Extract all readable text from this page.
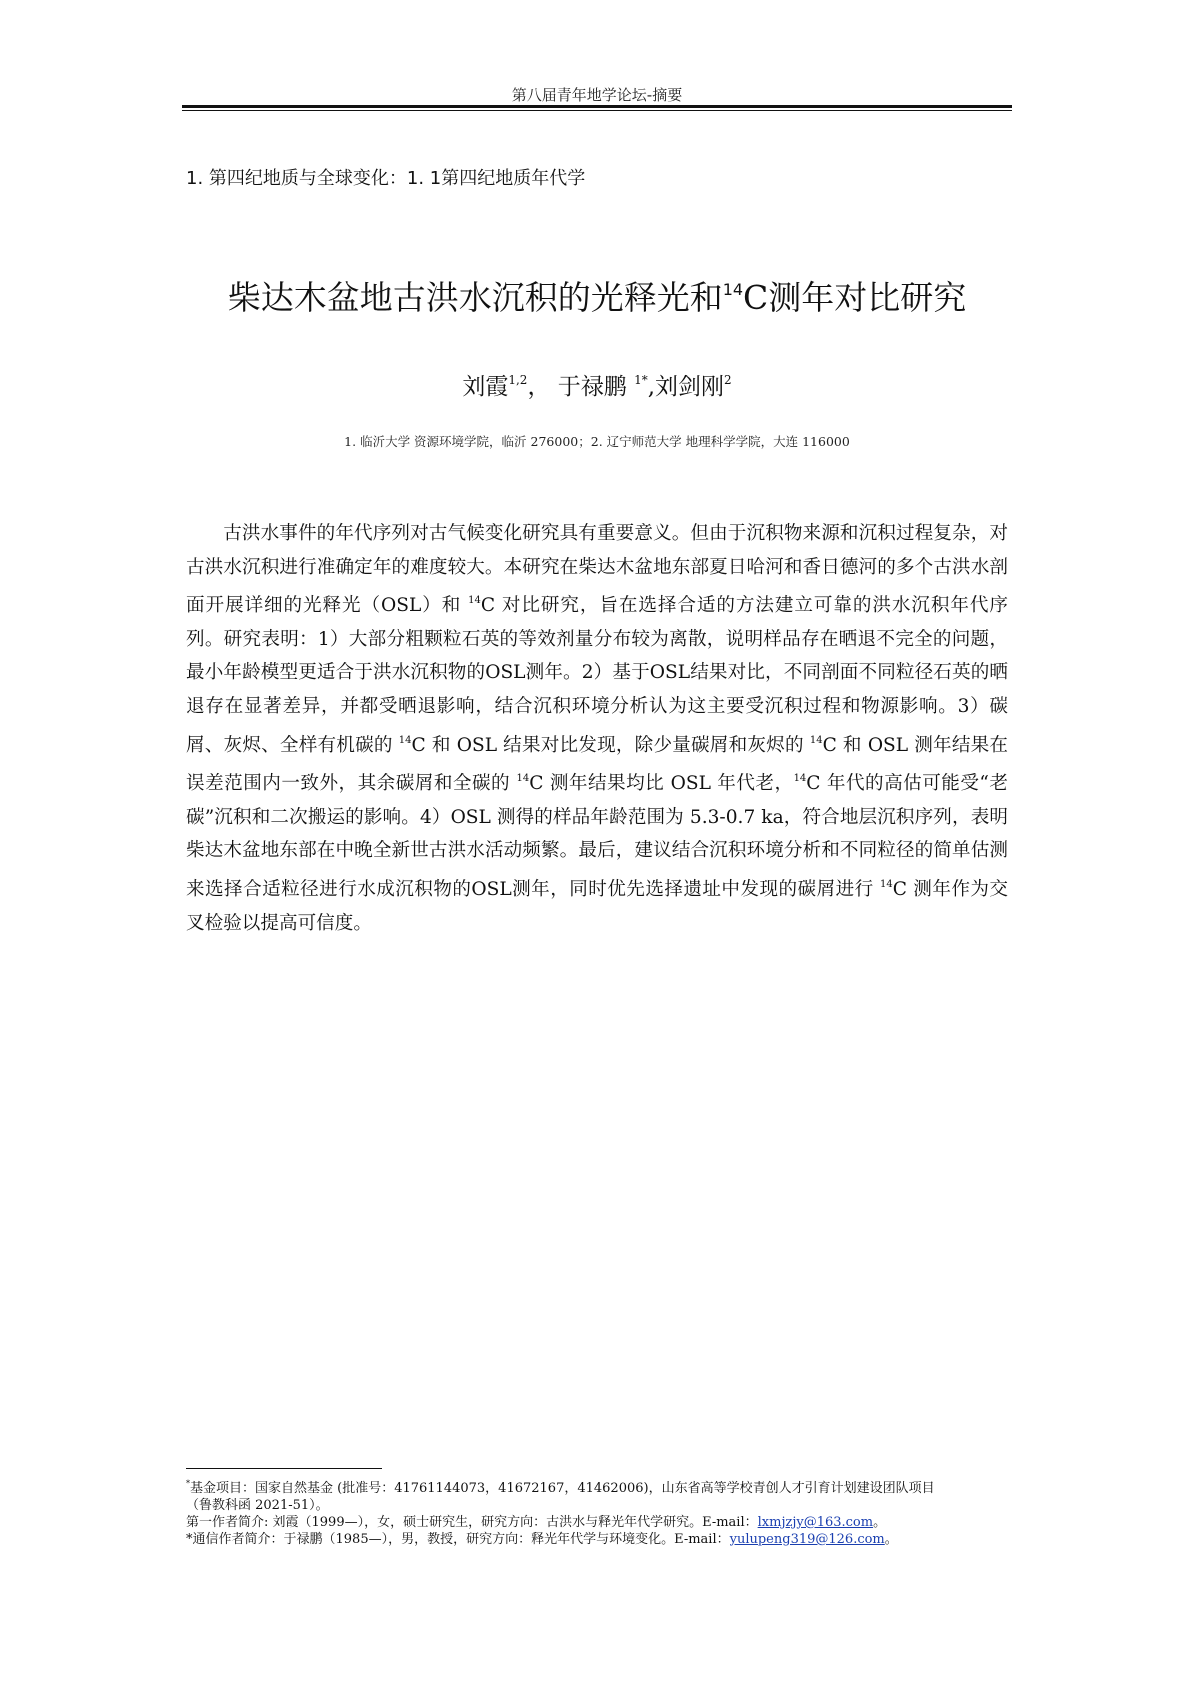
第八届青年地学论坛-摘要
1. 第四纪地质与全球变化：1. 1第四纪地质年代学
柴达木盆地古洪水沉积的光释光和$^{14}$C测年对比研究
刘霞$^{1,2}$， 于禄鹏 $^{1*}$,刘剑刚$^2$
1. 临沂大学 资源环境学院，临沂 276000；2. 辽宁师范大学 地理科学学院，大连 116000

古洪水事件的年代序列对古气候变化研究具有重要意义。但由于沉积物来源和沉积过程复杂，对古洪水沉积进行准确定年的难度较大。本研究在柴达木盆地东部夏日哈河和香日德河的多个古洪水剖面开展详细的光释光（OSL）和 $^{14}$C 对比研究，旨在选择合适的方法建立可靠的洪水沉积年代序列。研究表明：1）大部分粗颗粒石英的等效剂量分布较为离散，说明样品存在晒退不完全的问题，最小年龄模型更适合于洪水沉积物的OSL测年。2）基于OSL结果对比，不同剖面不同粒径石英的晒退存在显著差异，并都受晒退影响，结合沉积环境分析认为这主要受沉积过程和物源影响。3）碳屑、灰烬、全样有机碳的 $^{14}$C 和 OSL 结果对比发现，除少量碳屑和灰烬的 $^{14}$C 和 OSL 测年结果在误差范围内一致外，其余碳屑和全碳的 $^{14}$C 测年结果均比 OSL 年代老，$^{14}$C 年代的高估可能受“老碳”沉积和二次搬运的影响。4）OSL 测得的样品年龄范围为 5.3-0.7 ka，符合地层沉积序列，表明柴达木盆地东部在中晚全新世古洪水活动频繁。最后，建议结合沉积环境分析和不同粒径的简单估测来选择合适粒径进行水成沉积物的OSL测年，同时优先选择遗址中发现的碳屑进行 $^{14}$C 测年作为交叉检验以提高可信度。

*基金项目：国家自然基金 (批准号：41761144073，41672167，41462006)，山东省高等学校青创人才引育计划建设团队项目
（鲁教科函 2021-51）。
第一作者简介: 刘霞（1999—），女，硕士研究生，研究方向：古洪水与释光年代学研究。E-mail：lxmjzjy@163.com。
*通信作者简介：于禄鹏（1985—），男，教授，研究方向：释光年代学与环境变化。E-mail：yulupeng319@126.com。
